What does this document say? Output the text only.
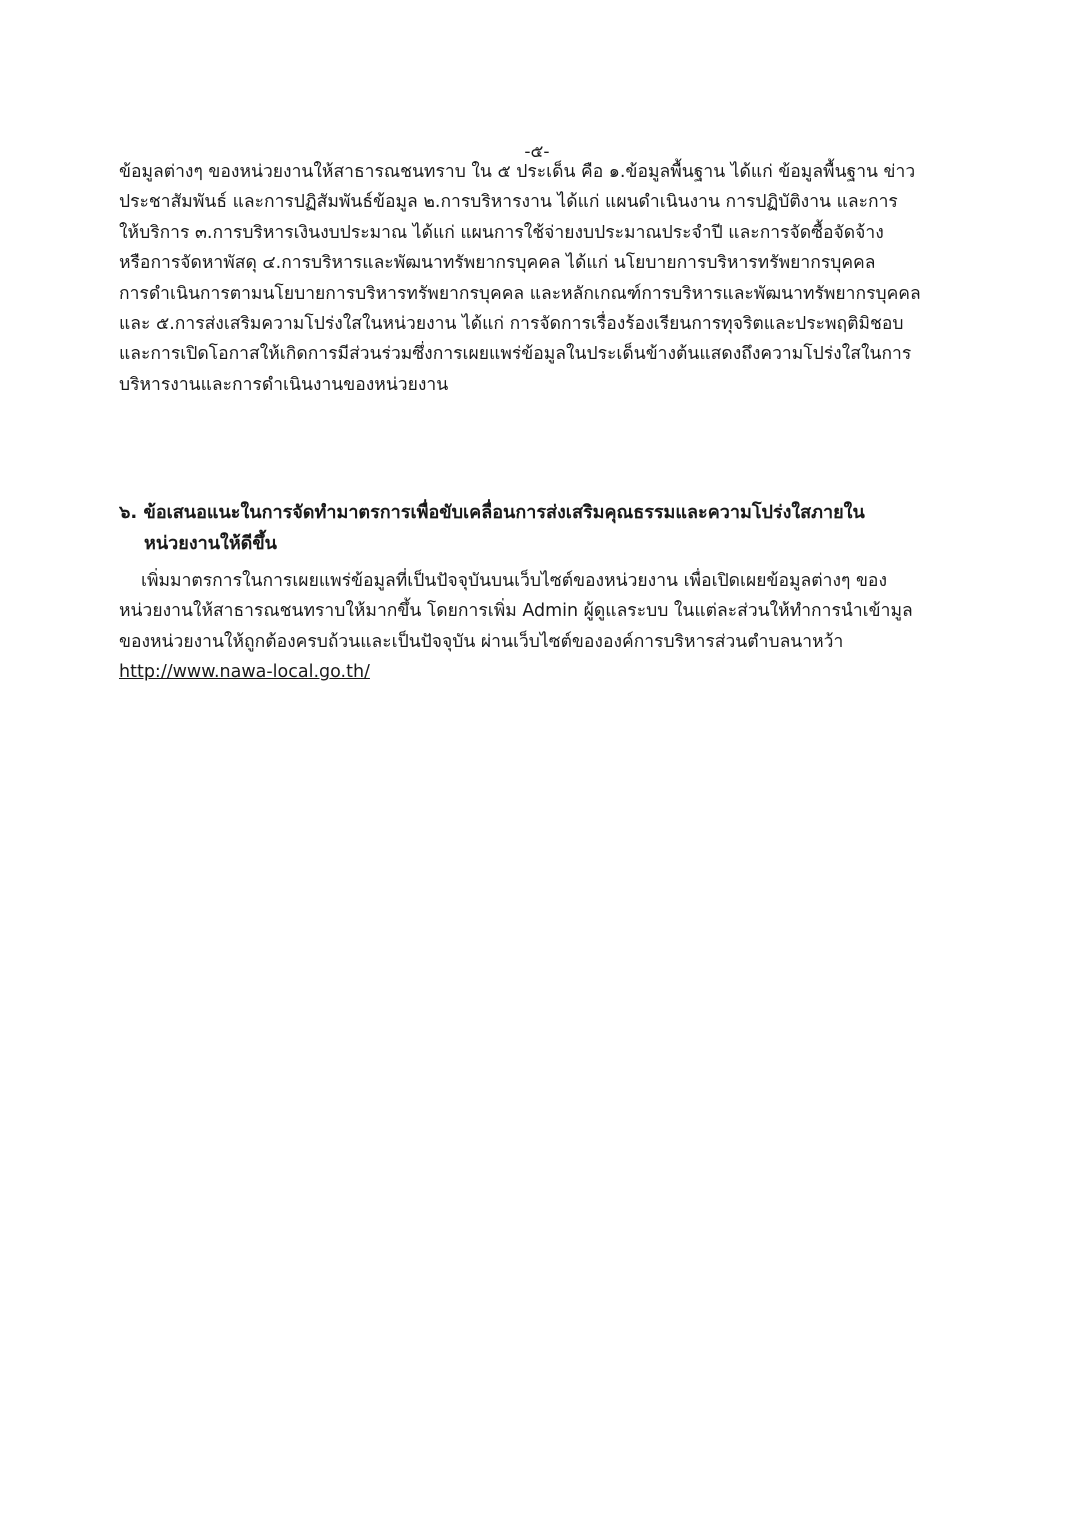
-๕-
ข้อมูลต่างๆ ของหน่วยงานให้สาธารณชนทราบ ใน ๕ ประเด็น คือ ๑.ข้อมูลพื้นฐาน ได้แก่ ข้อมูลพื้นฐาน ข่าว
ประชาสัมพันธ์ และการปฏิสัมพันธ์ข้อมูล ๒.การบริหารงาน ได้แก่ แผนดำเนินงาน การปฏิบัติงาน และการ
ให้บริการ ๓.การบริหารเงินงบประมาณ ได้แก่ แผนการใช้จ่ายงบประมาณประจำปี และการจัดซื้อจัดจ้าง
หรือการจัดหาพัสดุ ๔.การบริหารและพัฒนาทรัพยากรบุคคล ได้แก่ นโยบายการบริหารทรัพยากรบุคคล
การดำเนินการตามนโยบายการบริหารทรัพยากรบุคคล และหลักเกณฑ์การบริหารและพัฒนาทรัพยากรบุคคล
และ ๕.การส่งเสริมความโปร่งใสในหน่วยงาน ได้แก่ การจัดการเรื่องร้องเรียนการทุจริตและประพฤติมิชอบ
และการเปิดโอกาสให้เกิดการมีส่วนร่วมซึ่งการเผยแพร่ข้อมูลในประเด็นข้างต้นแสดงถึงความโปร่งใสในการ
บริหารงานและการดำเนินงานของหน่วยงาน
๖. ข้อเสนอแนะในการจัดทำมาตรการเพื่อขับเคลื่อนการส่งเสริมคุณธรรมและความโปร่งใสภายใน
หน่วยงานให้ดีขึ้น
เพิ่มมาตรการในการเผยแพร่ข้อมูลที่เป็นปัจจุบันบนเว็บไซต์ของหน่วยงาน เพื่อเปิดเผยข้อมูลต่างๆ ของ
หน่วยงานให้สาธารณชนทราบให้มากขึ้น โดยการเพิ่ม Admin ผู้ดูแลระบบ ในแต่ละส่วนให้ทำการนำเข้ามูล
ของหน่วยงานให้ถูกต้องครบถ้วนและเป็นปัจจุบัน ผ่านเว็บไซต์ขององค์การบริหารส่วนตำบลนาหว้า
http://www.nawa-local.go.th/
